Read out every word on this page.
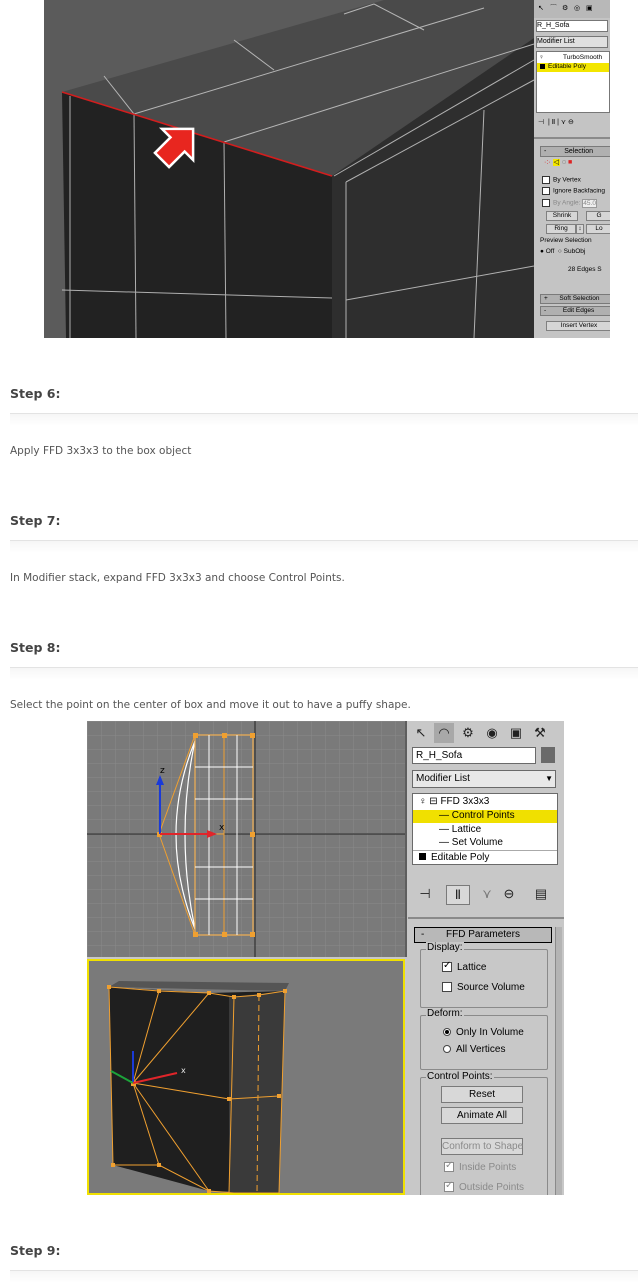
↖ ⌒ ⚙ ◎ ▣
R_H_Sofa
Modifier List
♀	TurboSmooth
Editable Poly
⊣  | Ⅱ | ⋎ ⊖
-	Selection
·:· ◁ ◌ ■
By Vertex
Ignore Backfacing
By Angle: 45.0
Shrink	G
Ring	↕	Lo
Preview Selection
● Off  ○ SubObj
28 Edges S
+ Soft Selection
-	Edit Edges
Insert Vertex
Step 6:
Apply FFD 3x3x3 to the box object
Step 7:
In Modifier stack, expand FFD 3x3x3 and choose Control Points.
Step 8:
Select the point on the center of box and move it out to have a puffy shape.
z
x
x
↖ ◠ ⚙ ◉ ▣ ⚒
R_H_Sofa
Modifier List	▼
♀ ⊟ FFD 3x3x3
— Control Points
— Lattice
— Set Volume
Editable Poly
⊣	Ⅱ	⋎ ⊖	▤
-	FFD Parameters
Display:
✓ Lattice
Source Volume
Deform:
Only In Volume
All Vertices
Control Points:
Reset
Animate All
Conform to Shape
✓ Inside Points
✓ Outside Points
Step 9:
